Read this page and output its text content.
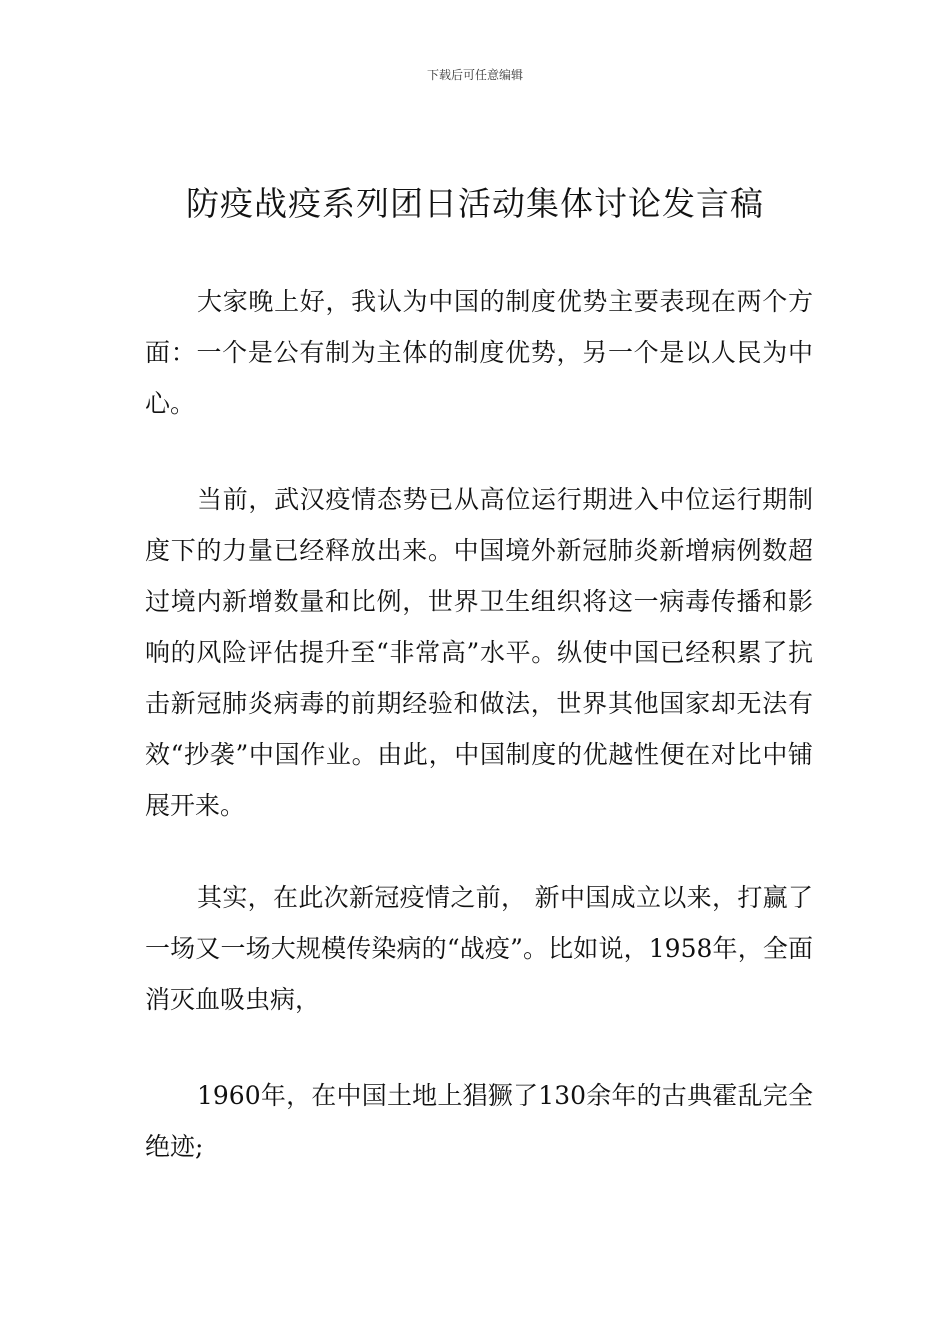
下载后可任意编辑
防疫战疫系列团日活动集体讨论发言稿

大家晚上好，我认为中国的制度优势主要表现在两个方面：一个是公有制为主体的制度优势，另一个是以人民为中心。

当前，武汉疫情态势已从高位运行期进入中位运行期制度下的力量已经释放出来。中国境外新冠肺炎新增病例数超过境内新增数量和比例，世界卫生组织将这一病毒传播和影响的风险评估提升至“非常高”水平。纵使中国已经积累了抗击新冠肺炎病毒的前期经验和做法，世界其他国家却无法有效“抄袭”中国作业。由此，中国制度的优越性便在对比中铺展开来。

其实，在此次新冠疫情之前， 新中国成立以来，打赢了一场又一场大规模传染病的“战疫”。比如说，1958年，全面消灭血吸虫病，

1960年，在中国土地上猖獗了130余年的古典霍乱完全绝迹;
